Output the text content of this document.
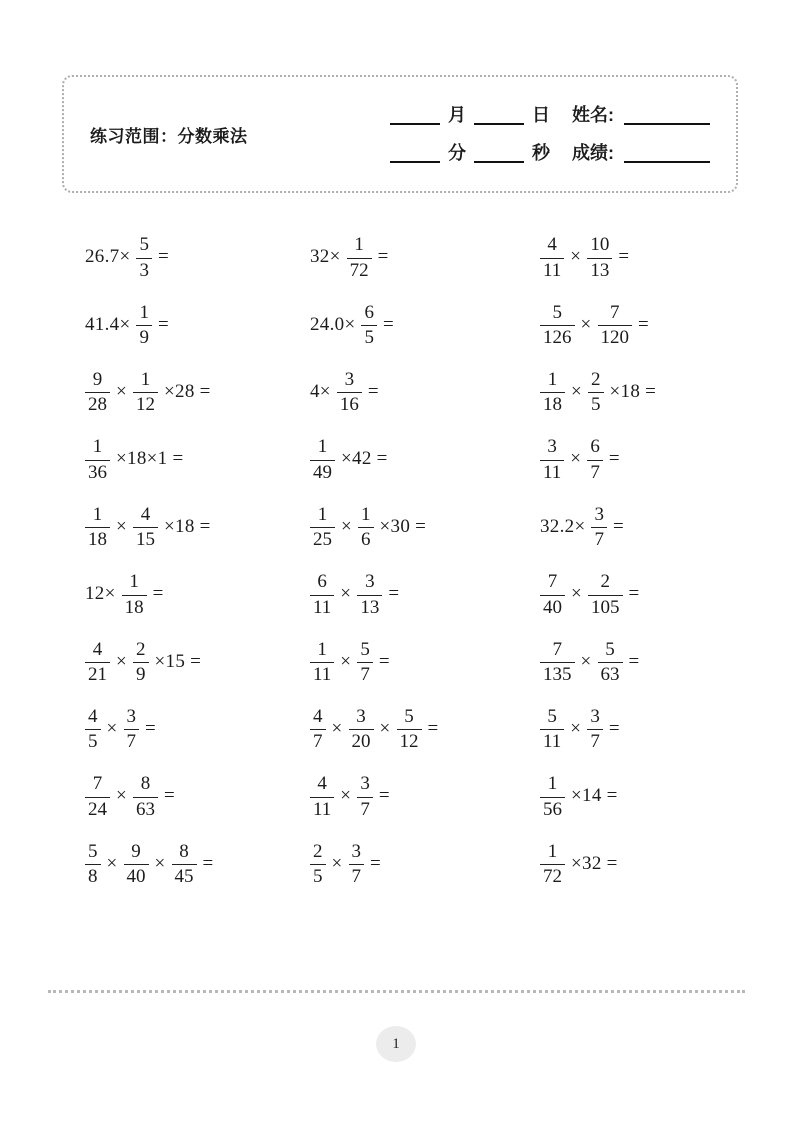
练习范围：分数乘法
月	日 姓名:
分	秒 成绩:
$26.7\times \frac{5}{3}$ =	$32\times \frac{1}{72}$ =	$\frac{4}{11} \times \frac{10}{13}$ =
$41.4\times \frac{1}{9}$ =	$24.0\times \frac{6}{5}$ =	$\frac{5}{126} \times \frac{7}{120}$ =
$\frac{9}{28} \times \frac{1}{12} \times 28$ =	$4\times \frac{3}{16}$ =	$\frac{1}{18} \times \frac{2}{5} \times 18$ =
$\frac{1}{36} \times 18\times 1$ =	$\frac{1}{49} \times 42$ =	$\frac{3}{11} \times \frac{6}{7}$ =
$\frac{1}{18} \times \frac{4}{15} \times 18$ =	$\frac{1}{25} \times \frac{1}{6} \times 30$ =	$32.2\times \frac{3}{7}$ =
$12\times \frac{1}{18}$ =	$\frac{6}{11} \times \frac{3}{13}$ =	$\frac{7}{40} \times \frac{2}{105}$ =
$\frac{4}{21} \times \frac{2}{9} \times 15$ =	$\frac{1}{11} \times \frac{5}{7}$ =	$\frac{7}{135} \times \frac{5}{63}$ =
$\frac{4}{5} \times \frac{3}{7}$ =	$\frac{4}{7} \times \frac{3}{20} \times \frac{5}{12}$ =	$\frac{5}{11} \times \frac{3}{7}$ =
$\frac{7}{24} \times \frac{8}{63}$ =	$\frac{4}{11} \times \frac{3}{7}$ =	$\frac{1}{56} \times 14$ =
$\frac{5}{8} \times \frac{9}{40} \times \frac{8}{45}$ =	$\frac{2}{5} \times \frac{3}{7}$ =	$\frac{1}{72} \times 32$ =
1
